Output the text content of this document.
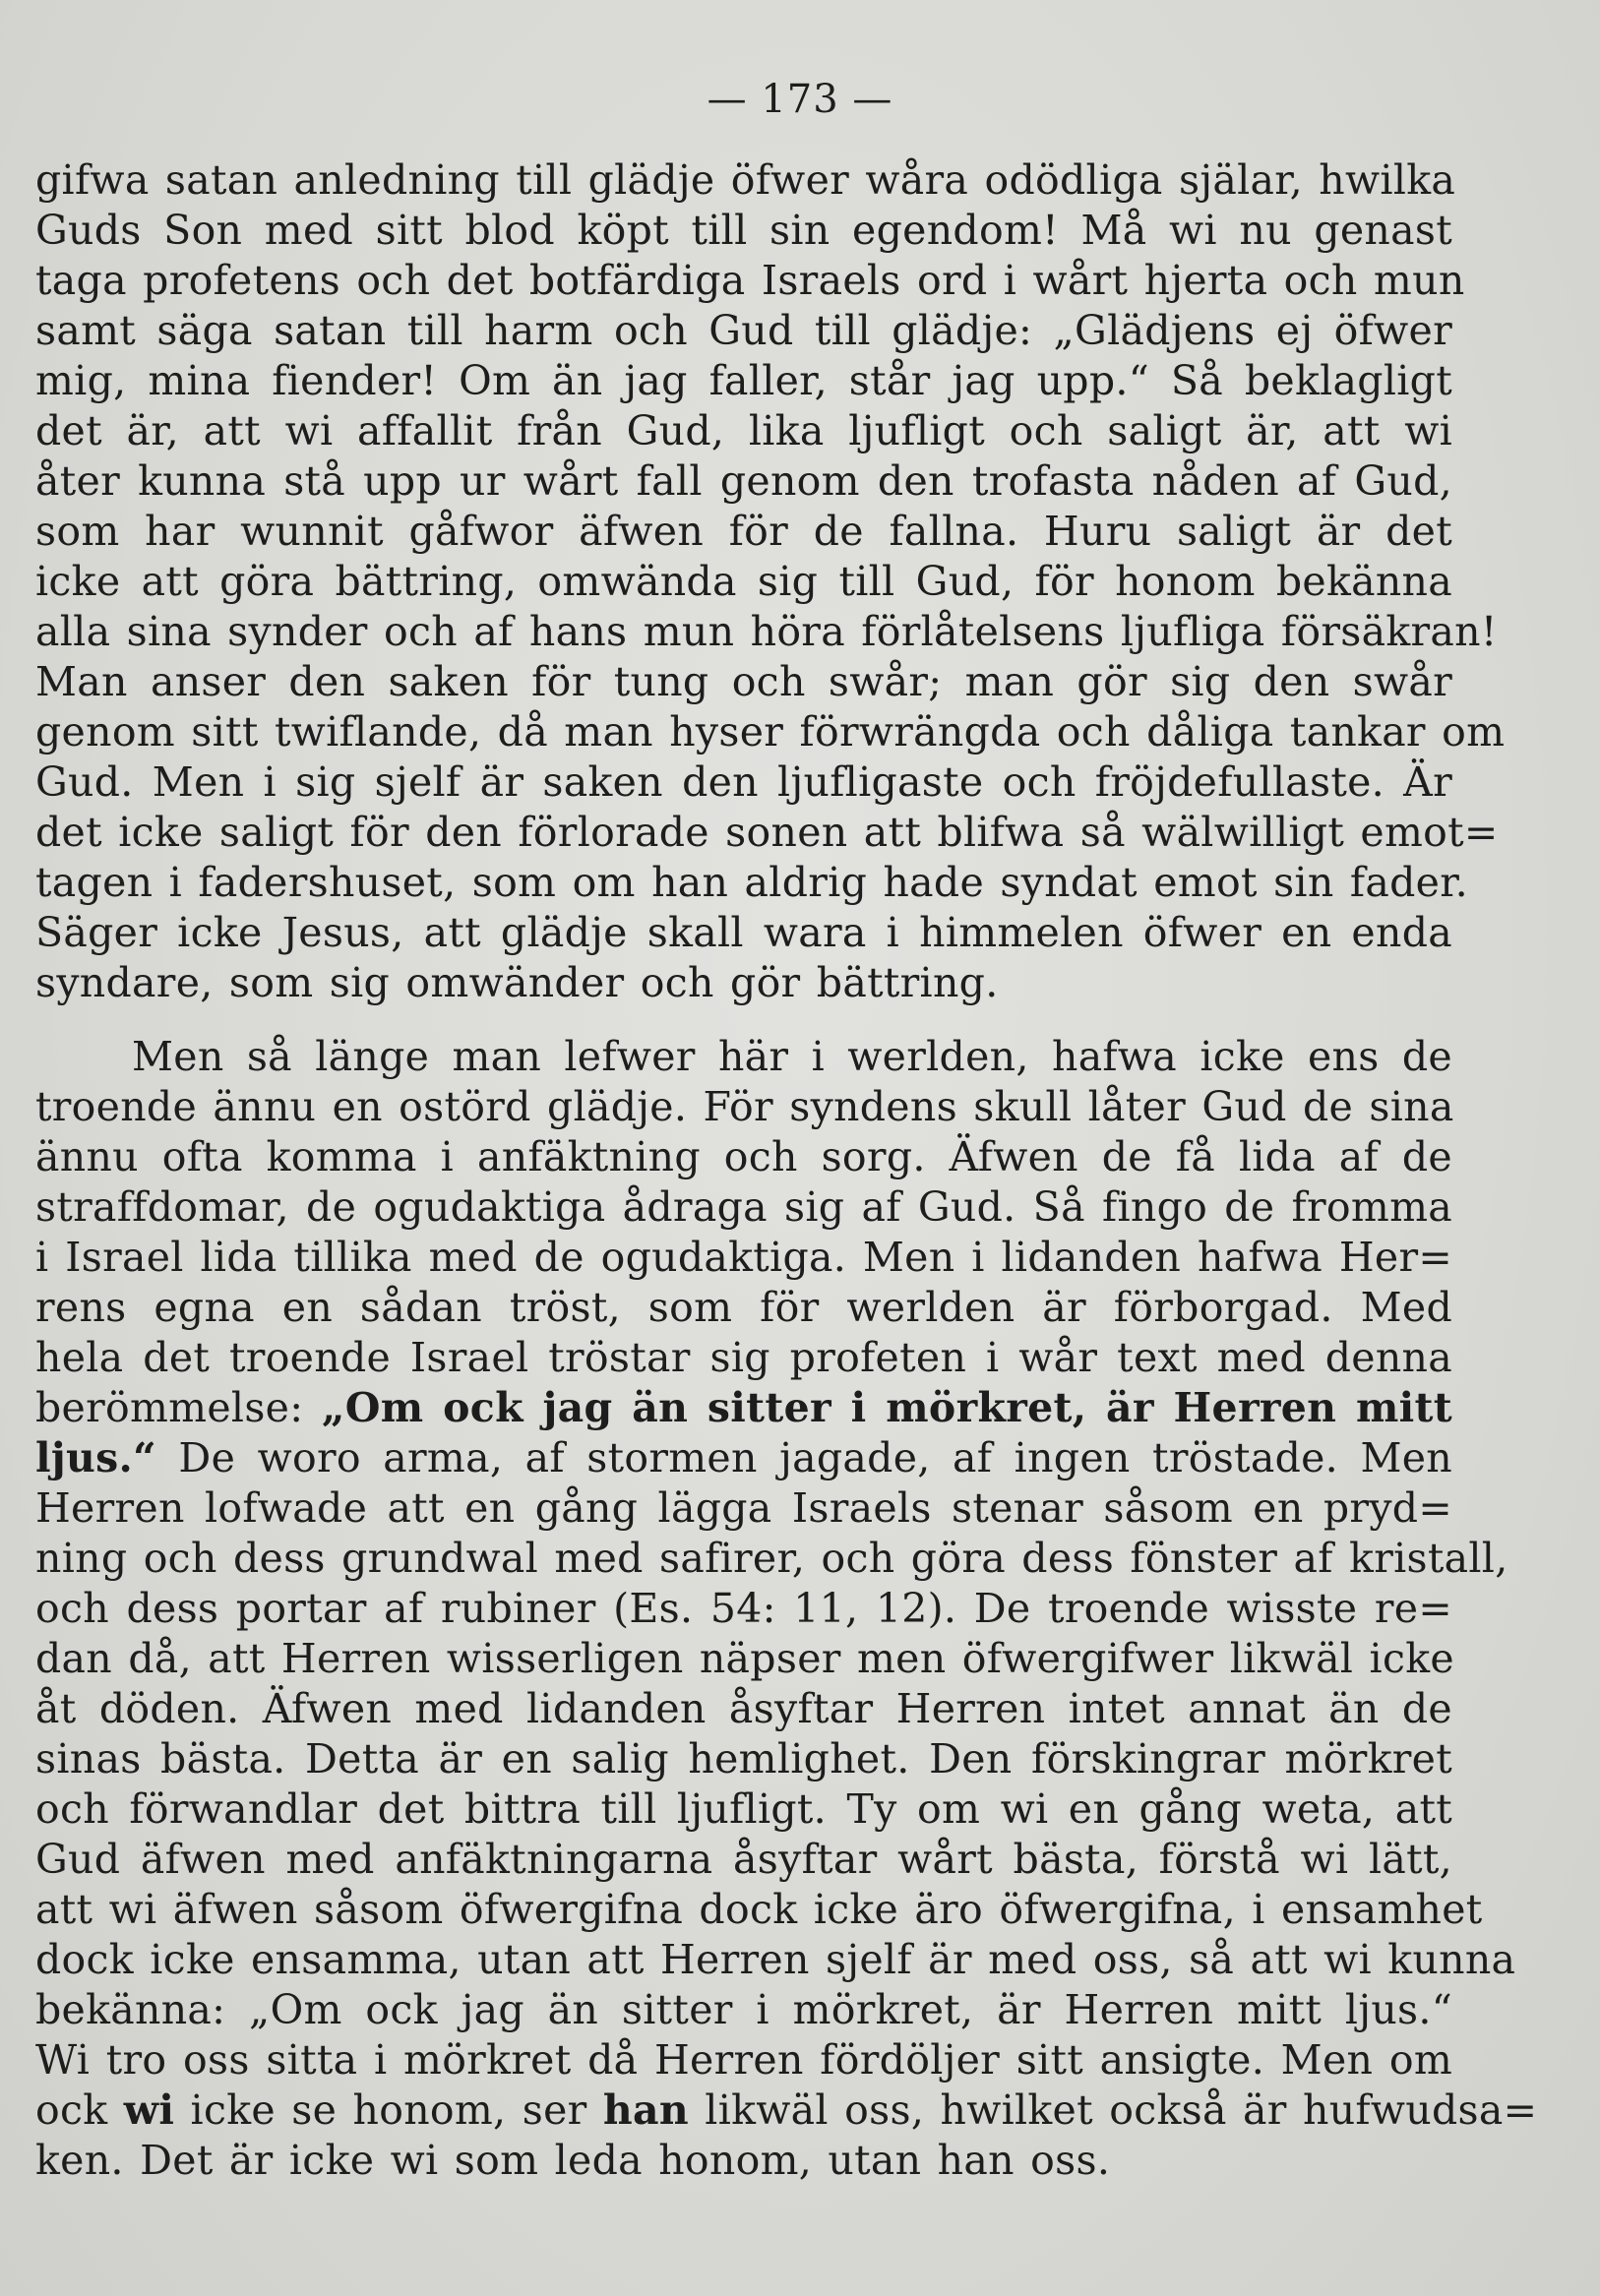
— 173 —
gifwa satan anledning till glädje öfwer wåra odödliga själar, hwilka
Guds Son med sitt blod köpt till sin egendom! Må wi nu genast
taga profetens och det botfärdiga Israels ord i wårt hjerta och mun
samt säga satan till harm och Gud till glädje: „Glädjens ej öfwer
mig, mina fiender! Om än jag faller, står jag upp.“ Så beklagligt
det är, att wi affallit från Gud, lika ljufligt och saligt är, att wi
åter kunna stå upp ur wårt fall genom den trofasta nåden af Gud,
som har wunnit gåfwor äfwen för de fallna. Huru saligt är det
icke att göra bättring, omwända sig till Gud, för honom bekänna
alla sina synder och af hans mun höra förlåtelsens ljufliga försäkran!
Man anser den saken för tung och swår; man gör sig den swår
genom sitt twiflande, då man hyser förwrängda och dåliga tankar om
Gud. Men i sig sjelf är saken den ljufligaste och fröjdefullaste. Är
det icke saligt för den förlorade sonen att blifwa så wälwilligt emot=
tagen i fadershuset, som om han aldrig hade syndat emot sin fader.
Säger icke Jesus, att glädje skall wara i himmelen öfwer en enda
syndare, som sig omwänder och gör bättring.
Men så länge man lefwer här i werlden, hafwa icke ens de
troende ännu en ostörd glädje. För syndens skull låter Gud de sina
ännu ofta komma i anfäktning och sorg. Äfwen de få lida af de
straffdomar, de ogudaktiga ådraga sig af Gud. Så fingo de fromma
i Israel lida tillika med de ogudaktiga. Men i lidanden hafwa Her=
rens egna en sådan tröst, som för werlden är förborgad. Med
hela det troende Israel tröstar sig profeten i wår text med denna
berömmelse: „Om ock jag än sitter i mörkret, är Herren mitt
ljus.“ De woro arma, af stormen jagade, af ingen tröstade. Men
Herren lofwade att en gång lägga Israels stenar såsom en pryd=
ning och dess grundwal med safirer, och göra dess fönster af kristall,
och dess portar af rubiner (Es. 54: 11, 12). De troende wisste re=
dan då, att Herren wisserligen näpser men öfwergifwer likwäl icke
åt döden. Äfwen med lidanden åsyftar Herren intet annat än de
sinas bästa. Detta är en salig hemlighet. Den förskingrar mörkret
och förwandlar det bittra till ljufligt. Ty om wi en gång weta, att
Gud äfwen med anfäktningarna åsyftar wårt bästa, förstå wi lätt,
att wi äfwen såsom öfwergifna dock icke äro öfwergifna, i ensamhet
dock icke ensamma, utan att Herren sjelf är med oss, så att wi kunna
bekänna: „Om ock jag än sitter i mörkret, är Herren mitt ljus.“
Wi tro oss sitta i mörkret då Herren fördöljer sitt ansigte. Men om
ock wi icke se honom, ser han likwäl oss, hwilket också är hufwudsa=
ken. Det är icke wi som leda honom, utan han oss.
